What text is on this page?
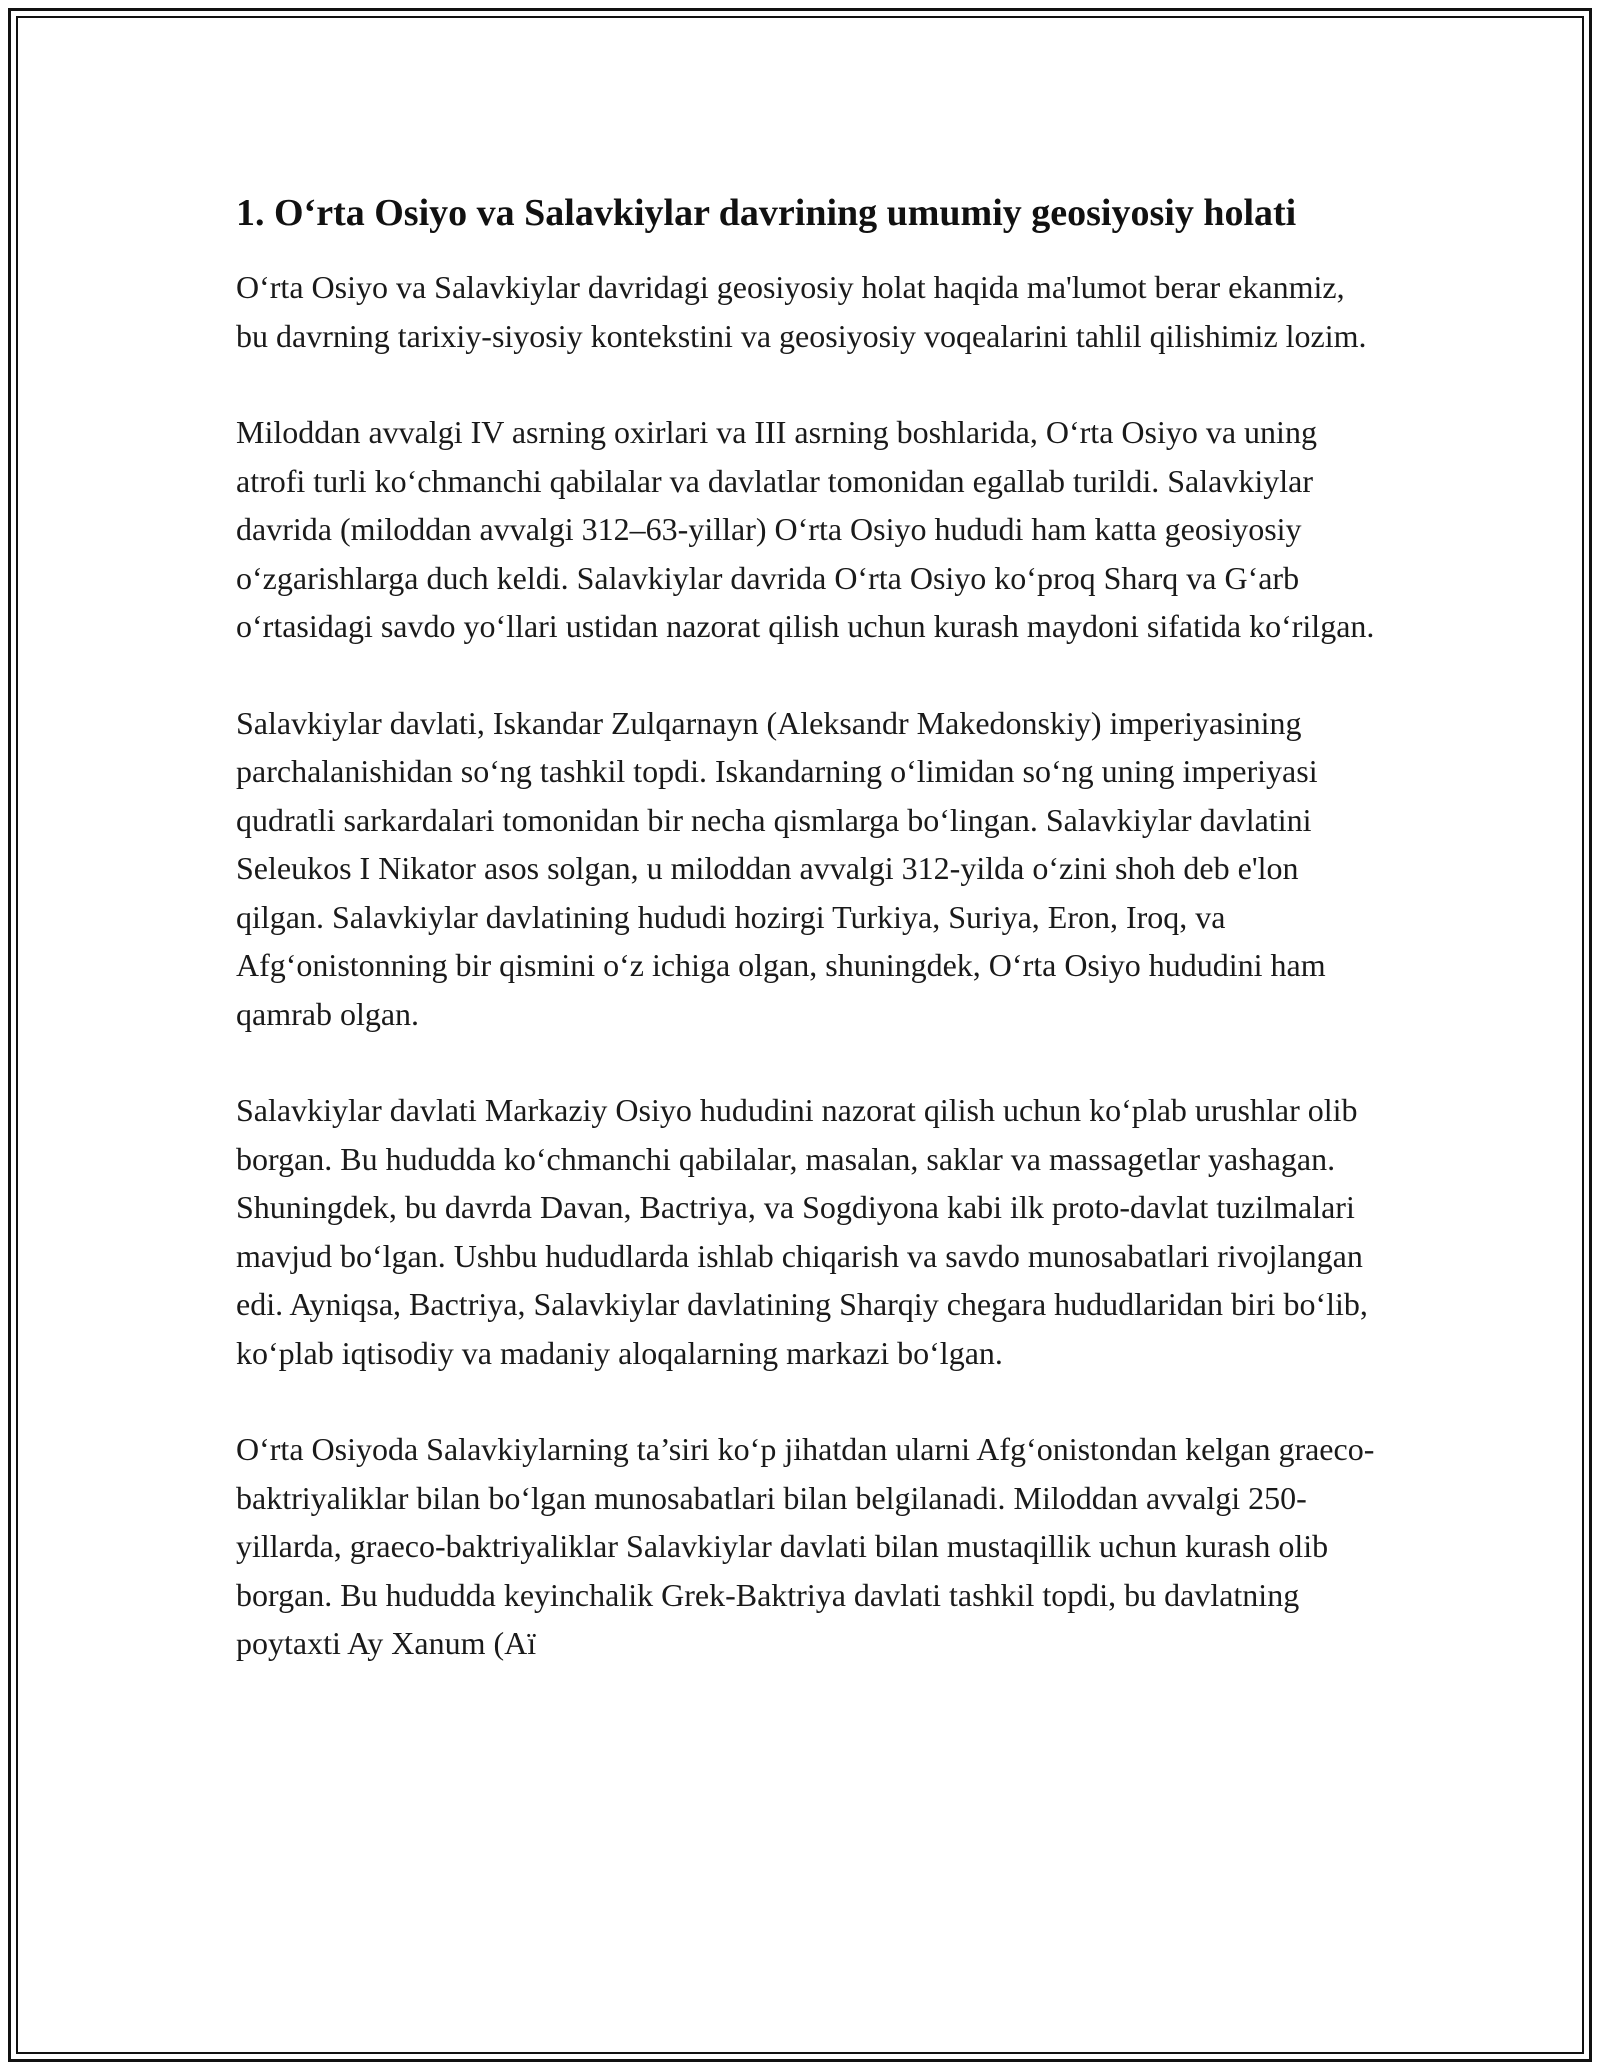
1. O‘rta Osiyo va Salavkiylar davrining umumiy geosiyosiy holati

O‘rta Osiyo va Salavkiylar davridagi geosiyosiy holat haqida ma'lumot berar ekanmiz, bu davrning tarixiy-siyosiy kontekstini va geosiyosiy voqealarini tahlil qilishimiz lozim.

Miloddan avvalgi IV asrning oxirlari va III asrning boshlarida, O‘rta Osiyo va uning atrofi turli ko‘chmanchi qabilalar va davlatlar tomonidan egallab turildi. Salavkiylar davrida (miloddan avvalgi 312–63-yillar) O‘rta Osiyo hududi ham katta geosiyosiy o‘zgarishlarga duch keldi. Salavkiylar davrida O‘rta Osiyo ko‘proq Sharq va G‘arb o‘rtasidagi savdo yo‘llari ustidan nazorat qilish uchun kurash maydoni sifatida ko‘rilgan.

Salavkiylar davlati, Iskandar Zulqarnayn (Aleksandr Makedonskiy) imperiyasining parchalanishidan so‘ng tashkil topdi. Iskandarning o‘limidan so‘ng uning imperiyasi qudratli sarkardalari tomonidan bir necha qismlarga bo‘lingan. Salavkiylar davlatini Seleukos I Nikator asos solgan, u miloddan avvalgi 312-yilda o‘zini shoh deb e'lon qilgan. Salavkiylar davlatining hududi hozirgi Turkiya, Suriya, Eron, Iroq, va Afg‘onistonning bir qismini o‘z ichiga olgan, shuningdek, O‘rta Osiyo hududini ham qamrab olgan.

Salavkiylar davlati Markaziy Osiyo hududini nazorat qilish uchun ko‘plab urushlar olib borgan. Bu hududda ko‘chmanchi qabilalar, masalan, saklar va massagetlar yashagan. Shuningdek, bu davrda Davan, Bactriya, va Sogdiyona kabi ilk proto-davlat tuzilmalari mavjud bo‘lgan. Ushbu hududlarda ishlab chiqarish va savdo munosabatlari rivojlangan edi. Ayniqsa, Bactriya, Salavkiylar davlatining Sharqiy chegara hududlaridan biri bo‘lib, ko‘plab iqtisodiy va madaniy aloqalarning markazi bo‘lgan.

O‘rta Osiyoda Salavkiylarning ta’siri ko‘p jihatdan ularni Afg‘onistondan kelgan graeco-baktriyaliklar bilan bo‘lgan munosabatlari bilan belgilanadi. Miloddan avvalgi 250-yillarda, graeco-baktriyaliklar Salavkiylar davlati bilan mustaqillik uchun kurash olib borgan. Bu hududda keyinchalik Grek-Baktriya davlati tashkil topdi, bu davlatning poytaxti Ay Xanum (Aï
